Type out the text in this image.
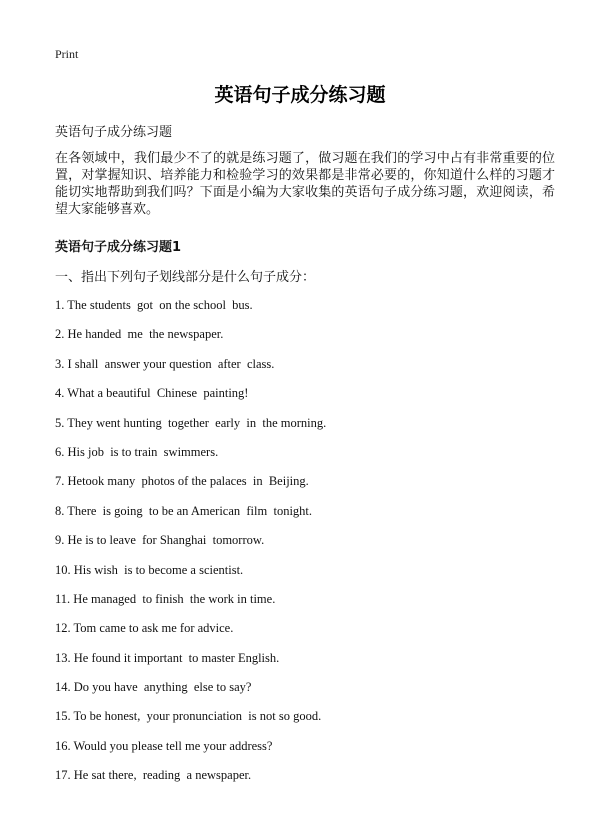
Print
英语句子成分练习题
英语句子成分练习题
在各领域中，我们最少不了的就是练习题了，做习题在我们的学习中占有非常重要的位置，对掌握知识、培养能力和检验学习的效果都是非常必要的，你知道什么样的习题才能切实地帮助到我们吗？下面是小编为大家收集的英语句子成分练习题，欢迎阅读，希望大家能够喜欢。
英语句子成分练习题1
一、指出下列句子划线部分是什么句子成分：
1. The students  got  on the school  bus.
2. He handed  me  the newspaper.
3. I shall  answer your question  after  class.
4. What a beautiful  Chinese  painting!
5. They went hunting  together  early  in  the morning.
6. His job  is to train  swimmers.
7. Hetook many  photos of the palaces  in  Beijing.
8. There  is going  to be an American  film  tonight.
9. He is to leave  for Shanghai  tomorrow.
10. His wish  is to become a scientist.
11. He managed  to finish  the work in time.
12. Tom came to ask me for advice.
13. He found it important  to master English.
14. Do you have  anything  else to say?
15. To be honest,  your pronunciation  is not so good.
16. Would you please tell me your address?
17. He sat there,  reading  a newspaper.
